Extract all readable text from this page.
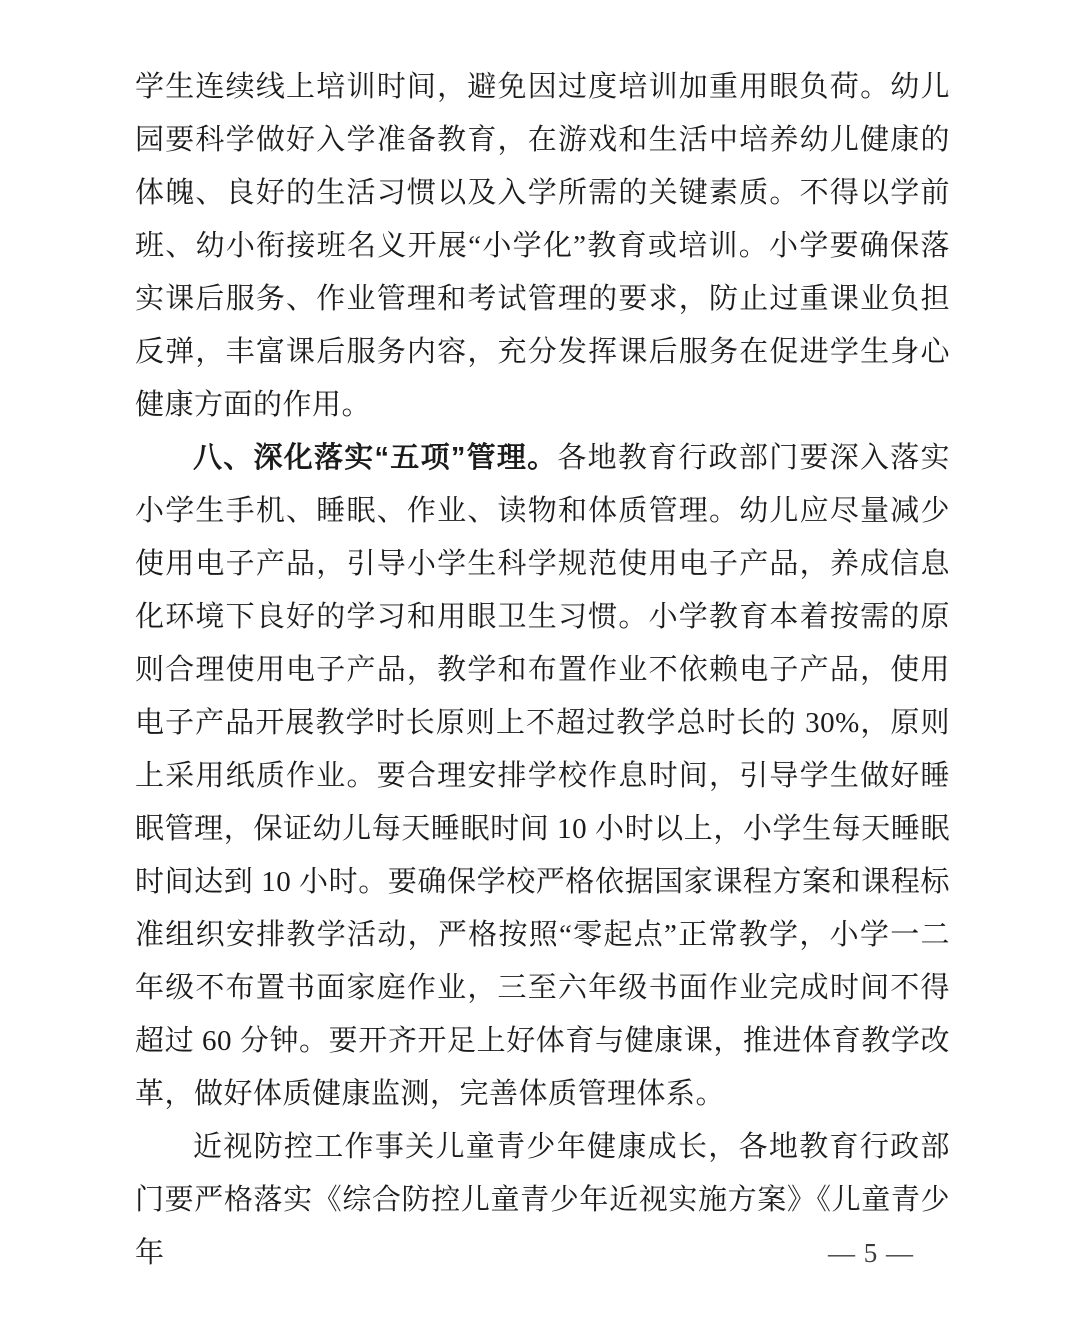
学生连续线上培训时间，避免因过度培训加重用眼负荷。幼儿园要科学做好入学准备教育，在游戏和生活中培养幼儿健康的体魄、良好的生活习惯以及入学所需的关键素质。不得以学前班、幼小衔接班名义开展“小学化”教育或培训。小学要确保落实课后服务、作业管理和考试管理的要求，防止过重课业负担反弹，丰富课后服务内容，充分发挥课后服务在促进学生身心健康方面的作用。

八、深化落实“五项”管理。各地教育行政部门要深入落实小学生手机、睡眠、作业、读物和体质管理。幼儿应尽量减少使用电子产品，引导小学生科学规范使用电子产品，养成信息化环境下良好的学习和用眼卫生习惯。小学教育本着按需的原则合理使用电子产品，教学和布置作业不依赖电子产品，使用电子产品开展教学时长原则上不超过教学总时长的 30%，原则上采用纸质作业。要合理安排学校作息时间，引导学生做好睡眠管理，保证幼儿每天睡眠时间 10 小时以上，小学生每天睡眠时间达到 10 小时。要确保学校严格依据国家课程方案和课程标准组织安排教学活动，严格按照“零起点”正常教学，小学一二年级不布置书面家庭作业，三至六年级书面作业完成时间不得超过 60 分钟。要开齐开足上好体育与健康课，推进体育教学改革，做好体质健康监测，完善体质管理体系。

近视防控工作事关儿童青少年健康成长，各地教育行政部门要严格落实《综合防控儿童青少年近视实施方案》《儿童青少年	— 5 —
